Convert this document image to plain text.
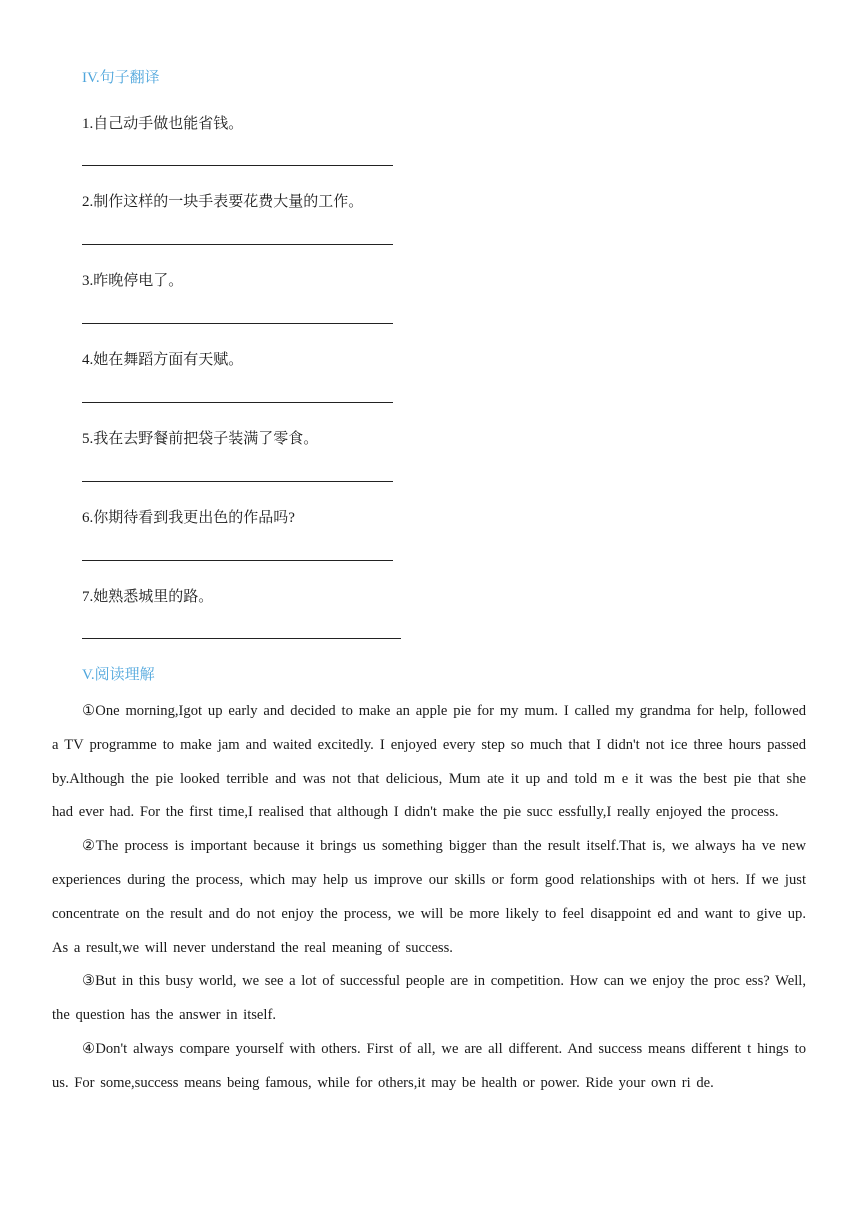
IV.句子翻译
1.自己动手做也能省钱。
2.制作这样的一块手表要花费大量的工作。
3.昨晚停电了。
4.她在舞蹈方面有天赋。
5.我在去野餐前把袋子装满了零食。
6.你期待看到我更出色的作品吗?
7.她熟悉城里的路。
V.阅读理解

①One morning,Igot up early and decided to make an apple pie for my mum. I called my grandma for help, followed a TV programme to make jam and waited excitedly. I enjoyed every step so much that I didn't not ice three hours passed by.Although the pie looked terrible and was not that delicious, Mum ate it up and told m e it was the best pie that she had ever had. For the first time,I realised that although I didn't make the pie succ essfully,I really enjoyed the process.

②The process is important because it brings us something bigger than the result itself.That is, we always ha ve new experiences during the process, which may help us improve our skills or form good relationships with ot hers. If we just concentrate on the result and do not enjoy the process, we will be more likely to feel disappoint ed and want to give up. As a result,we will never understand the real meaning of success.

③But in this busy world, we see a lot of successful people are in competition. How can we enjoy the proc ess? Well, the question has the answer in itself.

④Don't always compare yourself with others. First of all, we are all different. And success means different t hings to us. For some,success means being famous, while for others,it may be health or power. Ride your own ri de.
